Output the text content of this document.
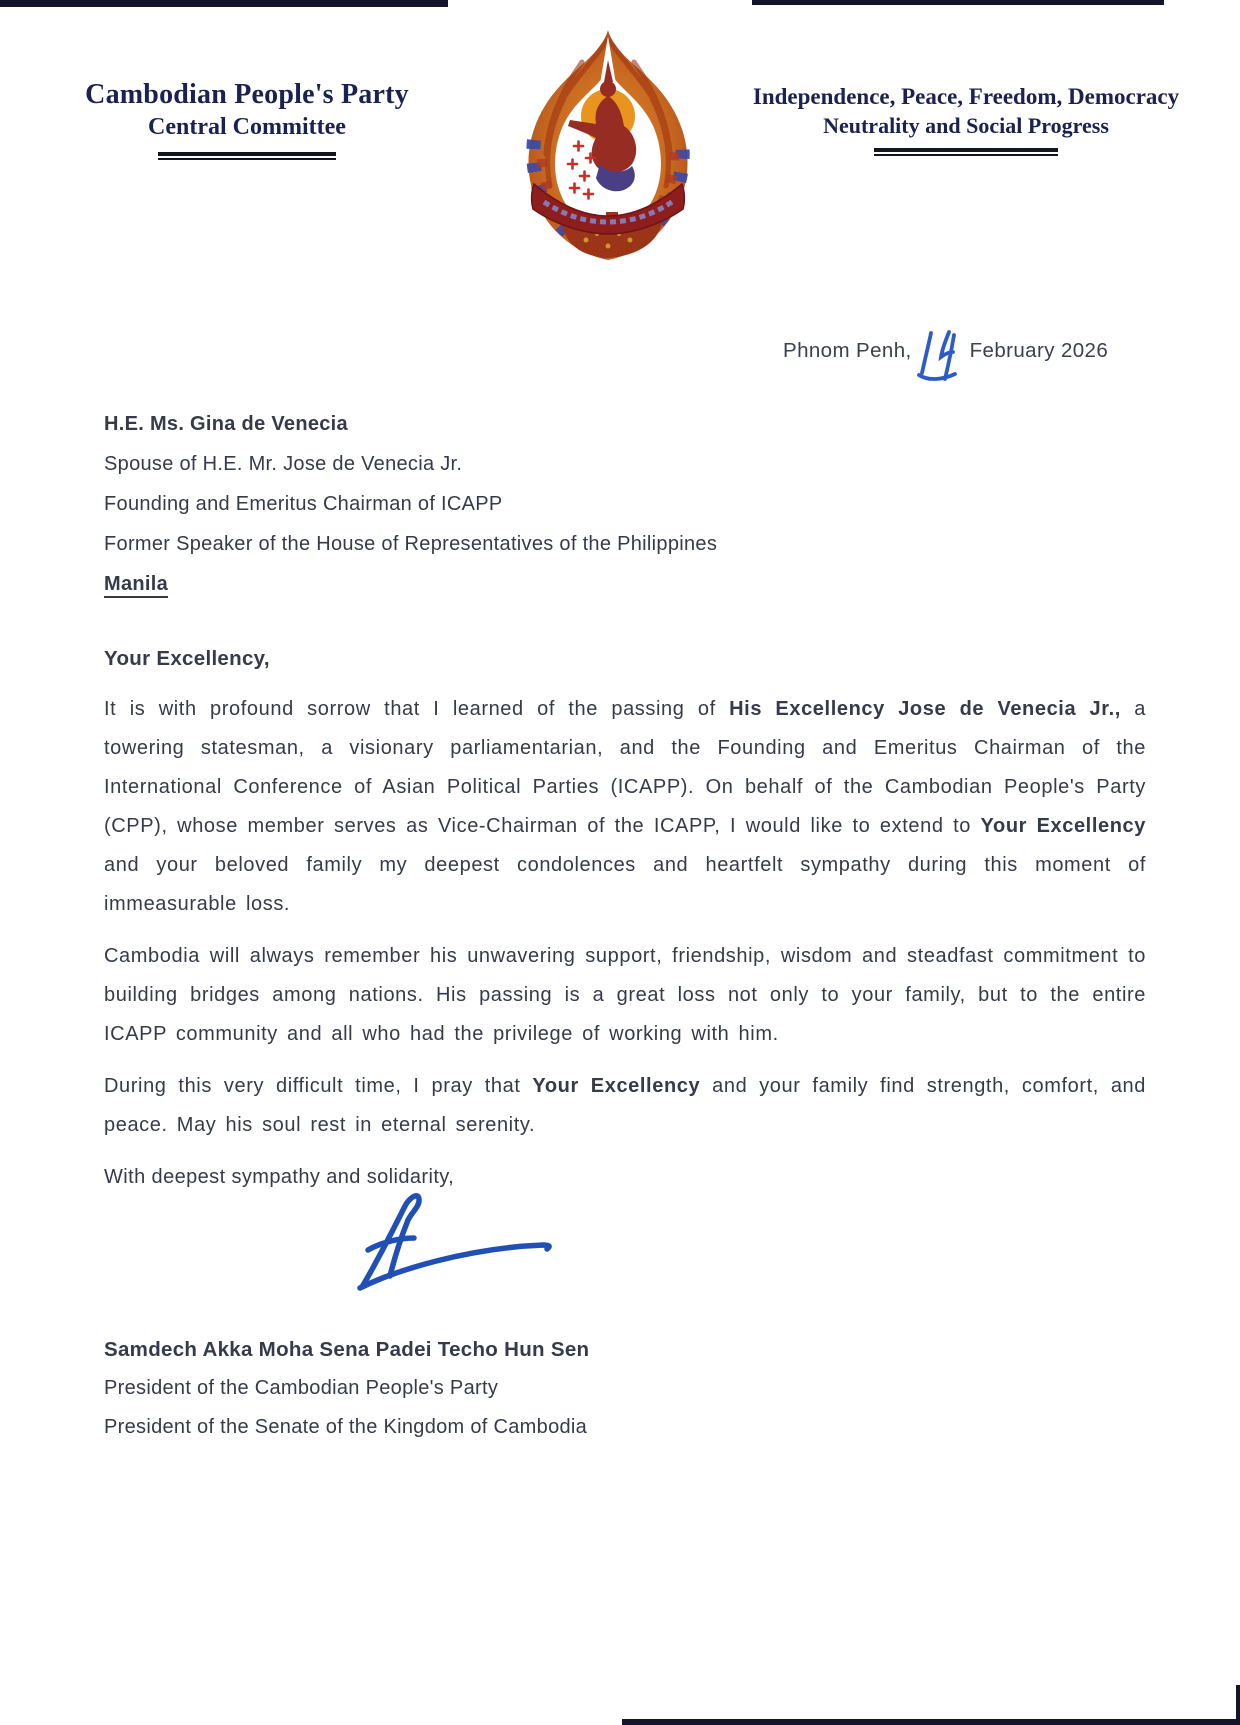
Cambodian People's Party
Central Committee
Independence, Peace, Freedom, Democracy
Neutrality and Social Progress
Phnom Penh,	February 2026
H.E. Ms. Gina de Venecia
Spouse of H.E. Mr. Jose de Venecia Jr.
Founding and Emeritus Chairman of ICAPP
Former Speaker of the House of Representatives of the Philippines
Manila
Your Excellency,

It is with profound sorrow that I learned of the passing of His Excellency Jose de Venecia Jr., a towering statesman, a visionary parliamentarian, and the Founding and Emeritus Chairman of the International Conference of Asian Political Parties (ICAPP). On behalf of the Cambodian People's Party (CPP), whose member serves as Vice-Chairman of the ICAPP, I would like to extend to Your Excellency and your beloved family my deepest condolences and heartfelt sympathy during this moment of immeasurable loss.

Cambodia will always remember his unwavering support, friendship, wisdom and steadfast commitment to building bridges among nations. His passing is a great loss not only to your family, but to the entire ICAPP community and all who had the privilege of working with him.

During this very difficult time, I pray that Your Excellency and your family find strength, comfort, and peace. May his soul rest in eternal serenity.

With deepest sympathy and solidarity,
Samdech Akka Moha Sena Padei Techo Hun Sen
President of the Cambodian People's Party
President of the Senate of the Kingdom of Cambodia
